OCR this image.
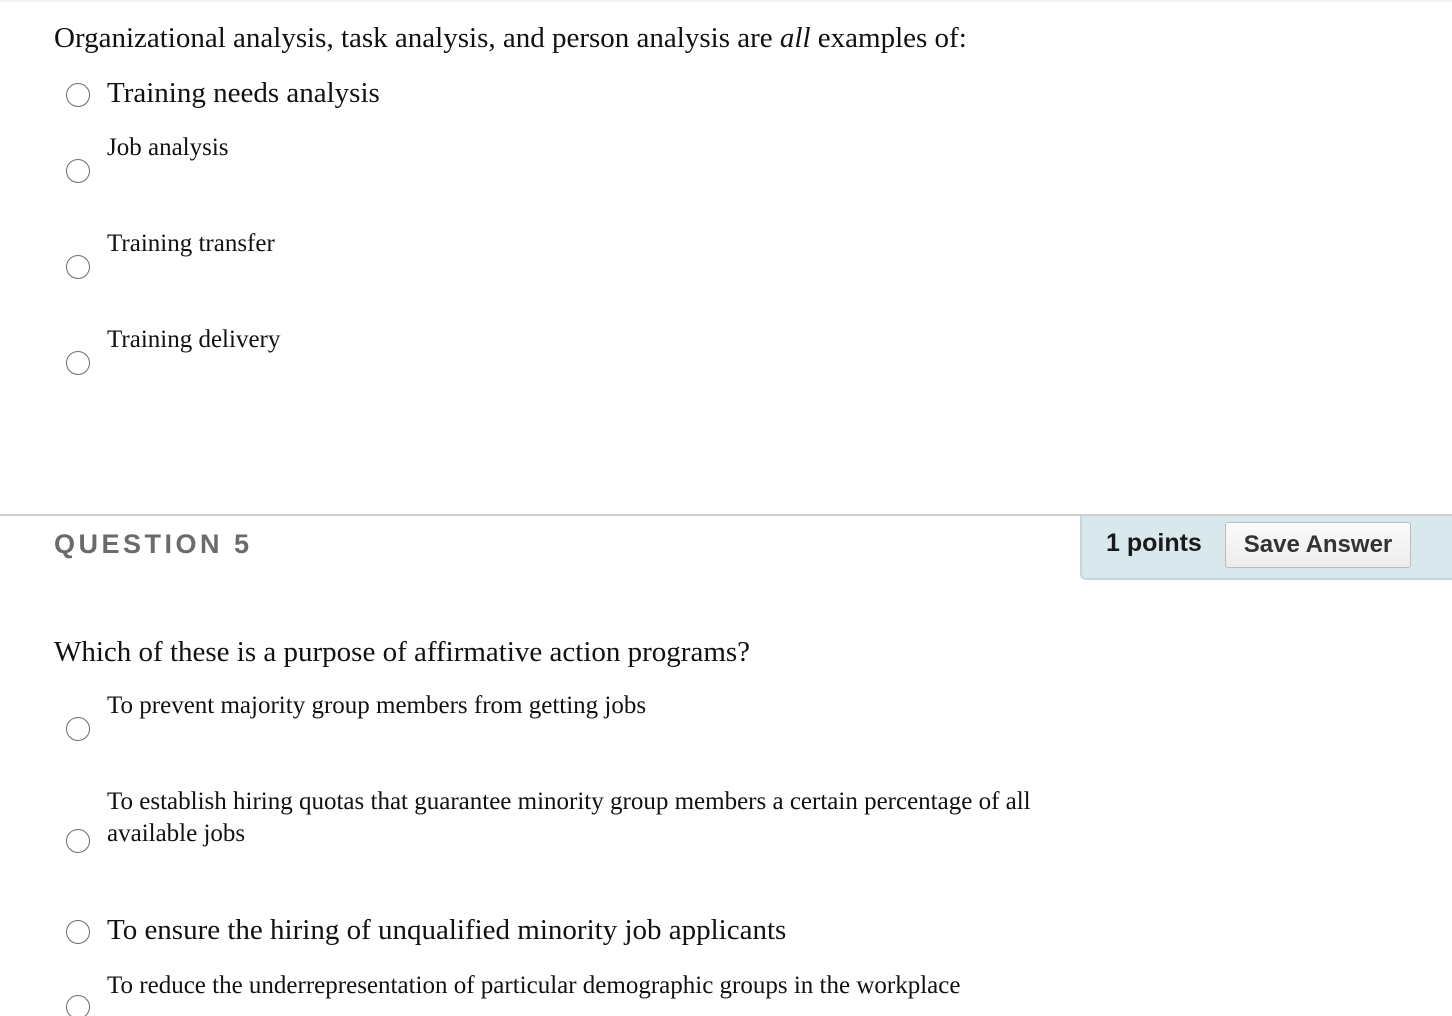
Organizational analysis, task analysis, and person analysis are all examples of:
Training needs analysis
Job analysis
Training transfer
Training delivery
QUESTION 5	1 points	Save Answer
Which of these is a purpose of affirmative action programs?
To prevent majority group members from getting jobs
To establish hiring quotas that guarantee minority group members a certain percentage of all available jobs
To ensure the hiring of unqualified minority job applicants
To reduce the underrepresentation of particular demographic groups in the workplace
